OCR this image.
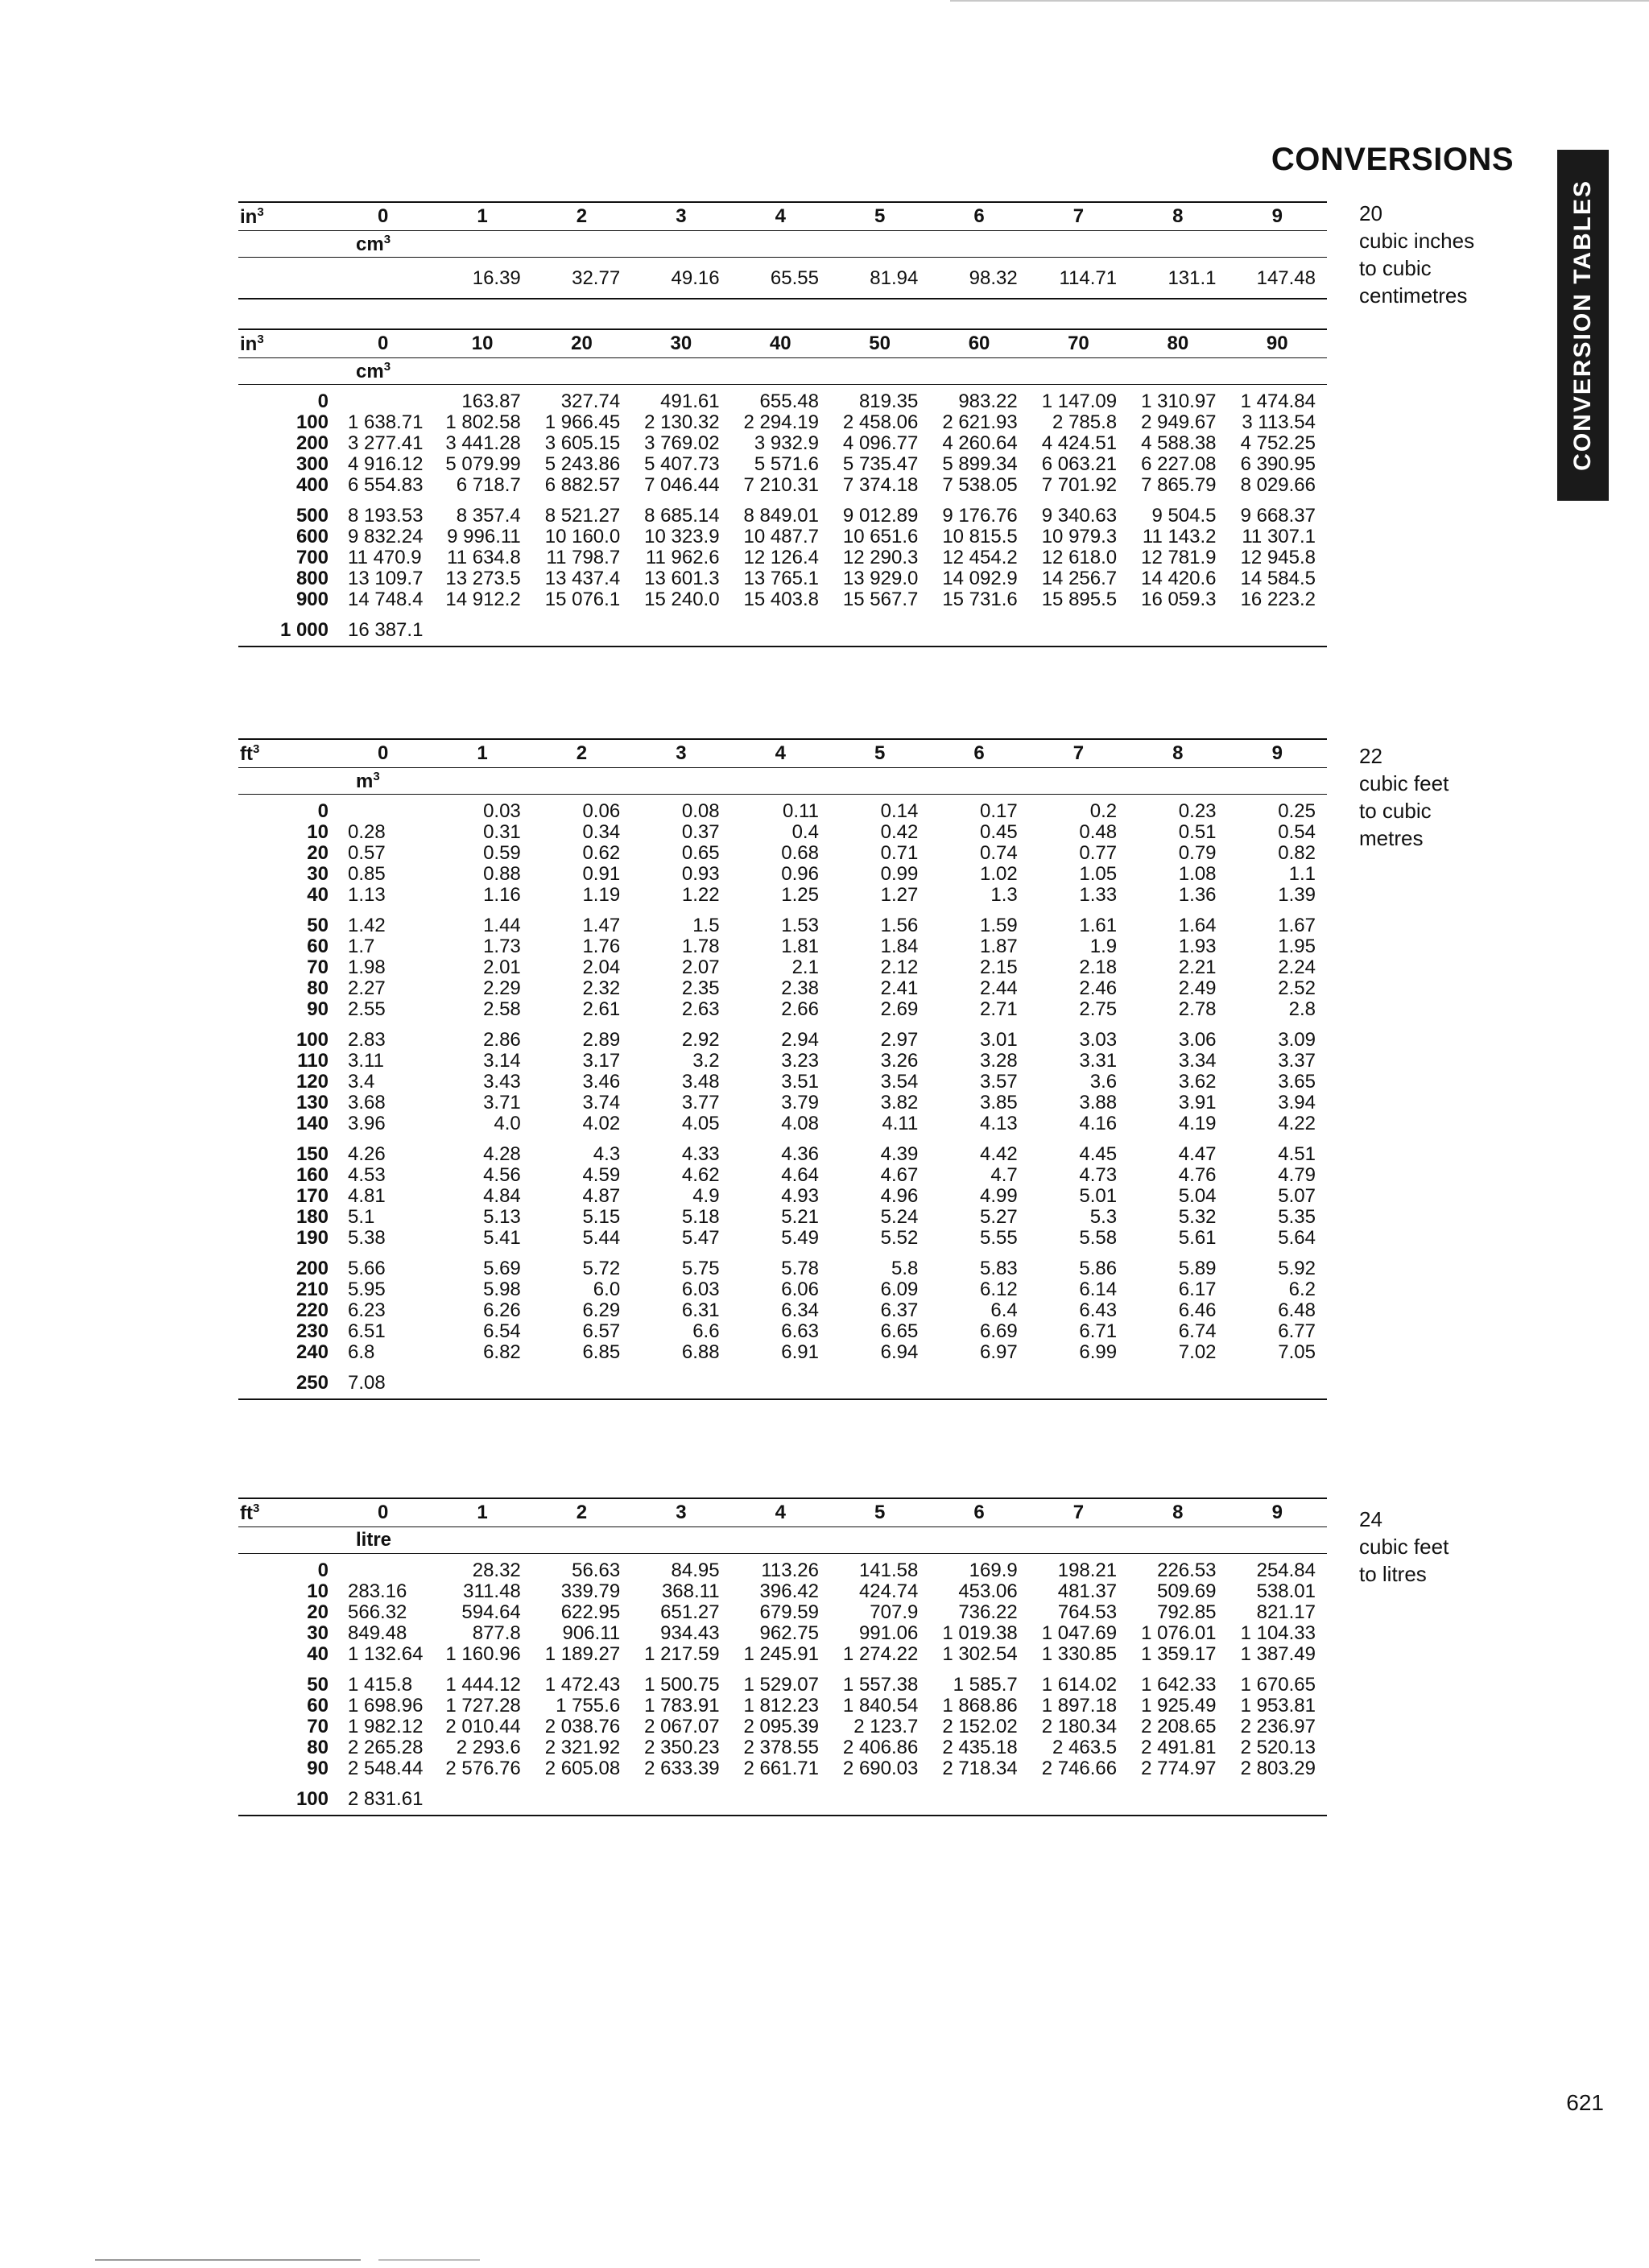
CONVERSIONS
CONVERSION TABLES
$in^3$	0	1	2	3	4	5	6	7	8	9
	$cm^3$
		16.39	32.77	49.16	65.55	81.94	98.32	114.71	131.1	147.48
$in^3$	0	10	20	30	40	50	60	70	80	90
	$cm^3$
0		163.87	327.74	491.61	655.48	819.35	983.22	1 147.09	1 310.97	1 474.84
100	1 638.71	1 802.58	1 966.45	2 130.32	2 294.19	2 458.06	2 621.93	2 785.8	2 949.67	3 113.54
200	3 277.41	3 441.28	3 605.15	3 769.02	3 932.9	4 096.77	4 260.64	4 424.51	4 588.38	4 752.25
300	4 916.12	5 079.99	5 243.86	5 407.73	5 571.6	5 735.47	5 899.34	6 063.21	6 227.08	6 390.95
400	6 554.83	6 718.7	6 882.57	7 046.44	7 210.31	7 374.18	7 538.05	7 701.92	7 865.79	8 029.66
500	8 193.53	8 357.4	8 521.27	8 685.14	8 849.01	9 012.89	9 176.76	9 340.63	9 504.5	9 668.37
600	9 832.24	9 996.11	10 160.0	10 323.9	10 487.7	10 651.6	10 815.5	10 979.3	11 143.2	11 307.1
700	11 470.9	11 634.8	11 798.7	11 962.6	12 126.4	12 290.3	12 454.2	12 618.0	12 781.9	12 945.8
800	13 109.7	13 273.5	13 437.4	13 601.3	13 765.1	13 929.0	14 092.9	14 256.7	14 420.6	14 584.5
900	14 748.4	14 912.2	15 076.1	15 240.0	15 403.8	15 567.7	15 731.6	15 895.5	16 059.3	16 223.2
1 000	16 387.1									
$ft^3$	0	1	2	3	4	5	6	7	8	9
	$m^3$
0		0.03	0.06	0.08	0.11	0.14	0.17	0.2	0.23	0.25
10	0.28	0.31	0.34	0.37	0.4	0.42	0.45	0.48	0.51	0.54
20	0.57	0.59	0.62	0.65	0.68	0.71	0.74	0.77	0.79	0.82
30	0.85	0.88	0.91	0.93	0.96	0.99	1.02	1.05	1.08	1.1
40	1.13	1.16	1.19	1.22	1.25	1.27	1.3	1.33	1.36	1.39
50	1.42	1.44	1.47	1.5	1.53	1.56	1.59	1.61	1.64	1.67
60	1.7	1.73	1.76	1.78	1.81	1.84	1.87	1.9	1.93	1.95
70	1.98	2.01	2.04	2.07	2.1	2.12	2.15	2.18	2.21	2.24
80	2.27	2.29	2.32	2.35	2.38	2.41	2.44	2.46	2.49	2.52
90	2.55	2.58	2.61	2.63	2.66	2.69	2.71	2.75	2.78	2.8
100	2.83	2.86	2.89	2.92	2.94	2.97	3.01	3.03	3.06	3.09
110	3.11	3.14	3.17	3.2	3.23	3.26	3.28	3.31	3.34	3.37
120	3.4	3.43	3.46	3.48	3.51	3.54	3.57	3.6	3.62	3.65
130	3.68	3.71	3.74	3.77	3.79	3.82	3.85	3.88	3.91	3.94
140	3.96	4.0	4.02	4.05	4.08	4.11	4.13	4.16	4.19	4.22
150	4.26	4.28	4.3	4.33	4.36	4.39	4.42	4.45	4.47	4.51
160	4.53	4.56	4.59	4.62	4.64	4.67	4.7	4.73	4.76	4.79
170	4.81	4.84	4.87	4.9	4.93	4.96	4.99	5.01	5.04	5.07
180	5.1	5.13	5.15	5.18	5.21	5.24	5.27	5.3	5.32	5.35
190	5.38	5.41	5.44	5.47	5.49	5.52	5.55	5.58	5.61	5.64
200	5.66	5.69	5.72	5.75	5.78	5.8	5.83	5.86	5.89	5.92
210	5.95	5.98	6.0	6.03	6.06	6.09	6.12	6.14	6.17	6.2
220	6.23	6.26	6.29	6.31	6.34	6.37	6.4	6.43	6.46	6.48
230	6.51	6.54	6.57	6.6	6.63	6.65	6.69	6.71	6.74	6.77
240	6.8	6.82	6.85	6.88	6.91	6.94	6.97	6.99	7.02	7.05
250	7.08									
$ft^3$	0	1	2	3	4	5	6	7	8	9
	litre									
0		28.32	56.63	84.95	113.26	141.58	169.9	198.21	226.53	254.84
10	283.16	311.48	339.79	368.11	396.42	424.74	453.06	481.37	509.69	538.01
20	566.32	594.64	622.95	651.27	679.59	707.9	736.22	764.53	792.85	821.17
30	849.48	877.8	906.11	934.43	962.75	991.06	1 019.38	1 047.69	1 076.01	1 104.33
40	1 132.64	1 160.96	1 189.27	1 217.59	1 245.91	1 274.22	1 302.54	1 330.85	1 359.17	1 387.49
50	1 415.8	1 444.12	1 472.43	1 500.75	1 529.07	1 557.38	1 585.7	1 614.02	1 642.33	1 670.65
60	1 698.96	1 727.28	1 755.6	1 783.91	1 812.23	1 840.54	1 868.86	1 897.18	1 925.49	1 953.81
70	1 982.12	2 010.44	2 038.76	2 067.07	2 095.39	2 123.7	2 152.02	2 180.34	2 208.65	2 236.97
80	2 265.28	2 293.6	2 321.92	2 350.23	2 378.55	2 406.86	2 435.18	2 463.5	2 491.81	2 520.13
90	2 548.44	2 576.76	2 605.08	2 633.39	2 661.71	2 690.03	2 718.34	2 746.66	2 774.97	2 803.29
100	2 831.61									
20
cubic inches
to cubic
centimetres
22
cubic feet
to cubic
metres
24
cubic feet
to litres
621
